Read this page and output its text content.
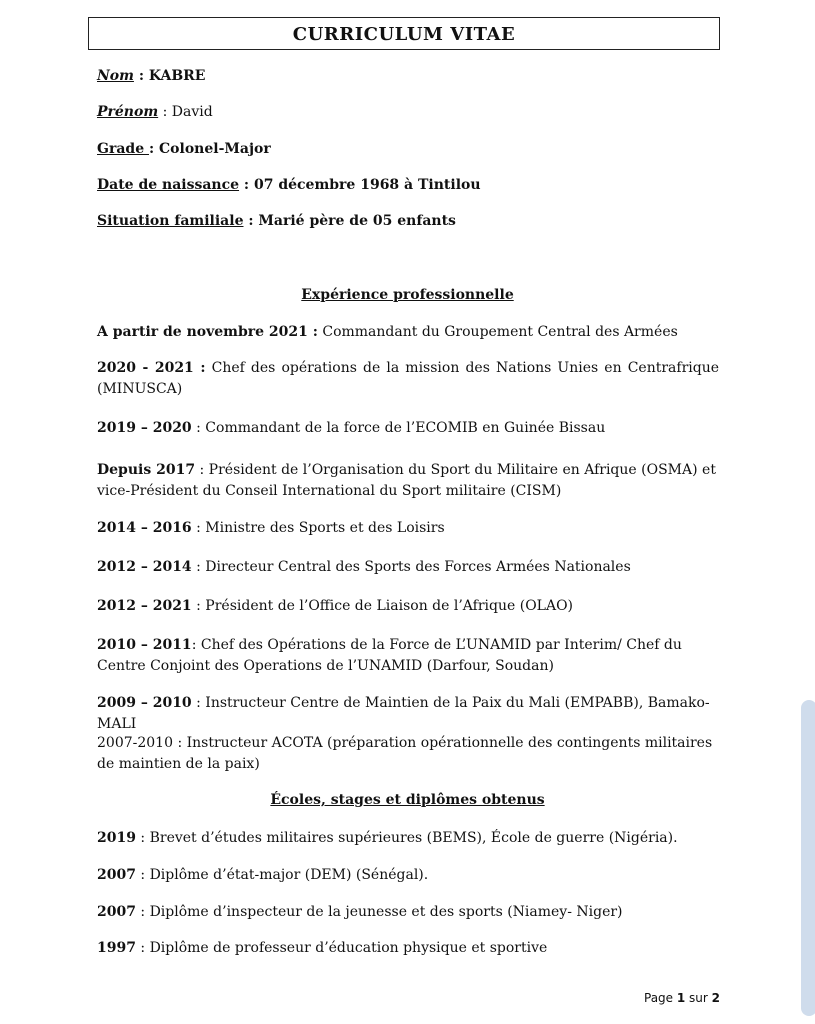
CURRICULUM VITAE
Nom : KABRE
Prénom : David
Grade : Colonel-Major
Date de naissance : 07 décembre 1968 à Tintilou
Situation familiale : Marié père de 05 enfants
Expérience professionnelle
A partir de novembre 2021 : Commandant du Groupement Central des Armées
2020 - 2021 : Chef des opérations de la mission des Nations Unies en Centrafrique (MINUSCA)
2019 – 2020 : Commandant de la force de l’ECOMIB en Guinée Bissau
Depuis 2017 : Président de l’Organisation du Sport du Militaire en Afrique (OSMA) et vice-Président du Conseil International du Sport militaire (CISM)
2014 – 2016 : Ministre des Sports et des Loisirs
2012 – 2014 : Directeur Central des Sports des Forces Armées Nationales
2012 – 2021 : Président de l’Office de Liaison de l’Afrique (OLAO)
2010 – 2011: Chef des Opérations de la Force de L’UNAMID par Interim/ Chef du Centre Conjoint des Operations de l’UNAMID (Darfour, Soudan)
2009 – 2010 : Instructeur Centre de Maintien de la Paix du Mali (EMPABB), Bamako-MALI
2007-2010 : Instructeur ACOTA (préparation opérationnelle des contingents militaires de maintien de la paix)
Écoles, stages et diplômes obtenus
2019 : Brevet d’études militaires supérieures (BEMS), École de guerre (Nigéria).
2007 : Diplôme d’état-major (DEM) (Sénégal).
2007 : Diplôme d’inspecteur de la jeunesse et des sports (Niamey- Niger)
1997 : Diplôme de professeur d’éducation physique et sportive
Page 1 sur 2
